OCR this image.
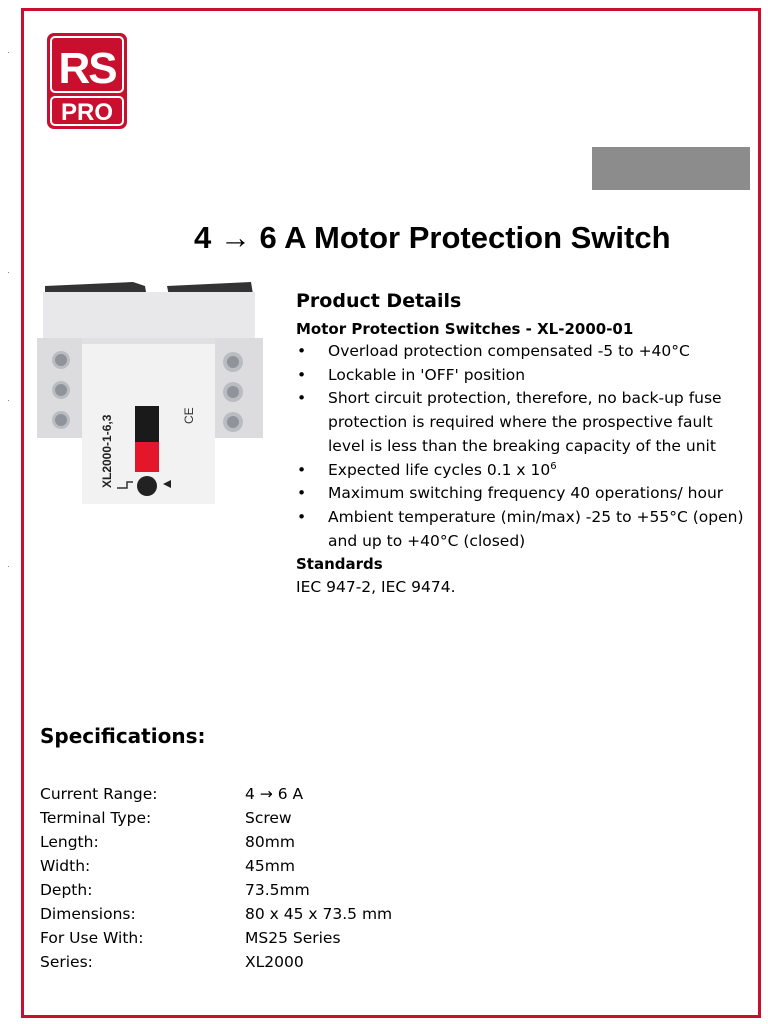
RS
PRO
4 → 6 A Motor Protection Switch
XL2000-1-6,3	CE
Product Details
Motor Protection Switches - XL-2000-01
• Overload protection compensated -5 to +40°C
• Lockable in 'OFF' position
• Short circuit protection, therefore, no back-up fuse protection is required where the prospective fault level is less than the breaking capacity of the unit
• Expected life cycles 0.1 x $10^6$
• Maximum switching frequency 40 operations/ hour
• Ambient temperature (min/max) -25 to +55°C (open) and up to +40°C (closed)
Standards
IEC 947-2, IEC 9474.
Specifications:
Current Range:	4 → 6 A
Terminal Type:	Screw
Length:	80mm
Width:	45mm
Depth:	73.5mm
Dimensions:	80 x 45 x 73.5 mm
For Use With:	MS25 Series
Series:	XL2000
